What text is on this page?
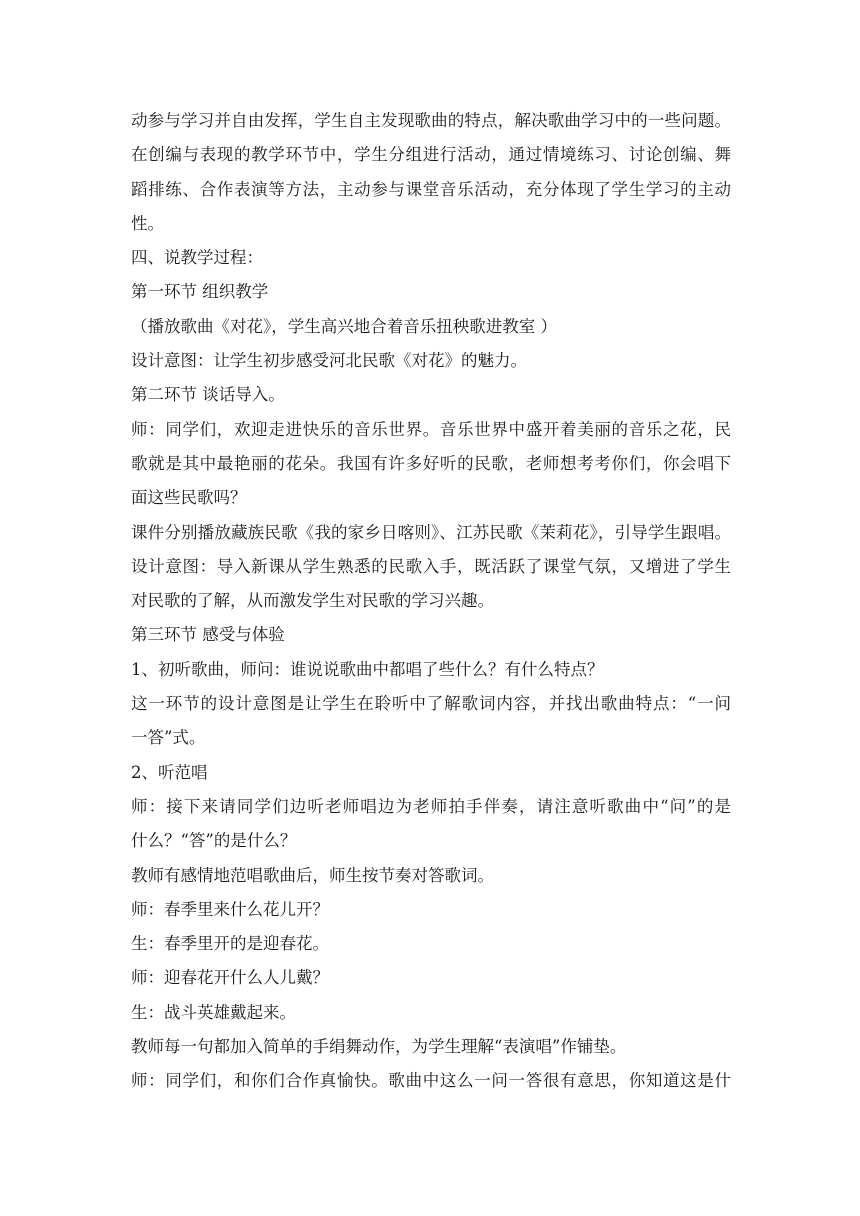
动参与学习并自由发挥，学生自主发现歌曲的特点，解决歌曲学习中的一些问题。
在创编与表现的教学环节中，学生分组进行活动，通过情境练习、讨论创编、舞
蹈排练、合作表演等方法，主动参与课堂音乐活动，充分体现了学生学习的主动
性。
四、说教学过程：
第一环节 组织教学
（播放歌曲《对花》，学生高兴地合着音乐扭秧歌进教室 ）
设计意图：让学生初步感受河北民歌《对花》的魅力。
第二环节 谈话导入。
师：同学们，欢迎走进快乐的音乐世界。音乐世界中盛开着美丽的音乐之花，民
歌就是其中最艳丽的花朵。我国有许多好听的民歌，老师想考考你们，你会唱下
面这些民歌吗？
课件分别播放藏族民歌《我的家乡日喀则》、江苏民歌《茉莉花》，引导学生跟唱。
设计意图：导入新课从学生熟悉的民歌入手，既活跃了课堂气氛，又增进了学生
对民歌的了解，从而激发学生对民歌的学习兴趣。
第三环节 感受与体验
1、初听歌曲，师问：谁说说歌曲中都唱了些什么？有什么特点？
这一环节的设计意图是让学生在聆听中了解歌词内容，并找出歌曲特点：“一问
一答”式。
2、听范唱
师：接下来请同学们边听老师唱边为老师拍手伴奏，请注意听歌曲中“问”的是
什么？“答”的是什么？
教师有感情地范唱歌曲后，师生按节奏对答歌词。
师：春季里来什么花儿开？
生：春季里开的是迎春花。
师：迎春花开什么人儿戴？
生：战斗英雄戴起来。
教师每一句都加入简单的手绢舞动作，为学生理解“表演唱”作铺垫。
师：同学们，和你们合作真愉快。歌曲中这么一问一答很有意思，你知道这是什
